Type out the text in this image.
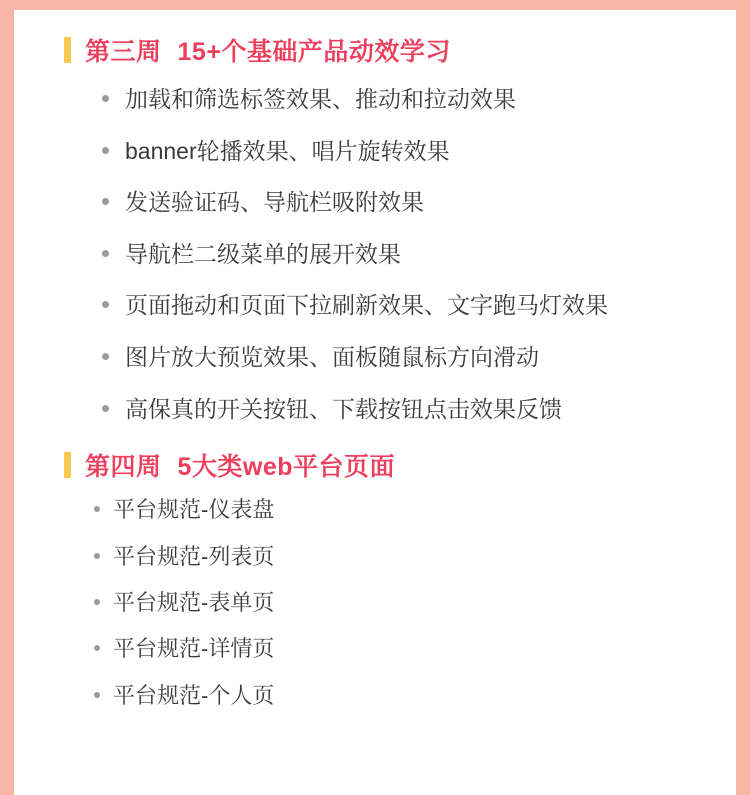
第三周 15+个基础产品动效学习
加载和筛选标签效果、推动和拉动效果
banner轮播效果、唱片旋转效果
发送验证码、导航栏吸附效果
导航栏二级菜单的展开效果
页面拖动和页面下拉刷新效果、文字跑马灯效果
图片放大预览效果、面板随鼠标方向滑动
高保真的开关按钮、下载按钮点击效果反馈
第四周 5大类web平台页面
平台规范-仪表盘
平台规范-列表页
平台规范-表单页
平台规范-详情页
平台规范-个人页
